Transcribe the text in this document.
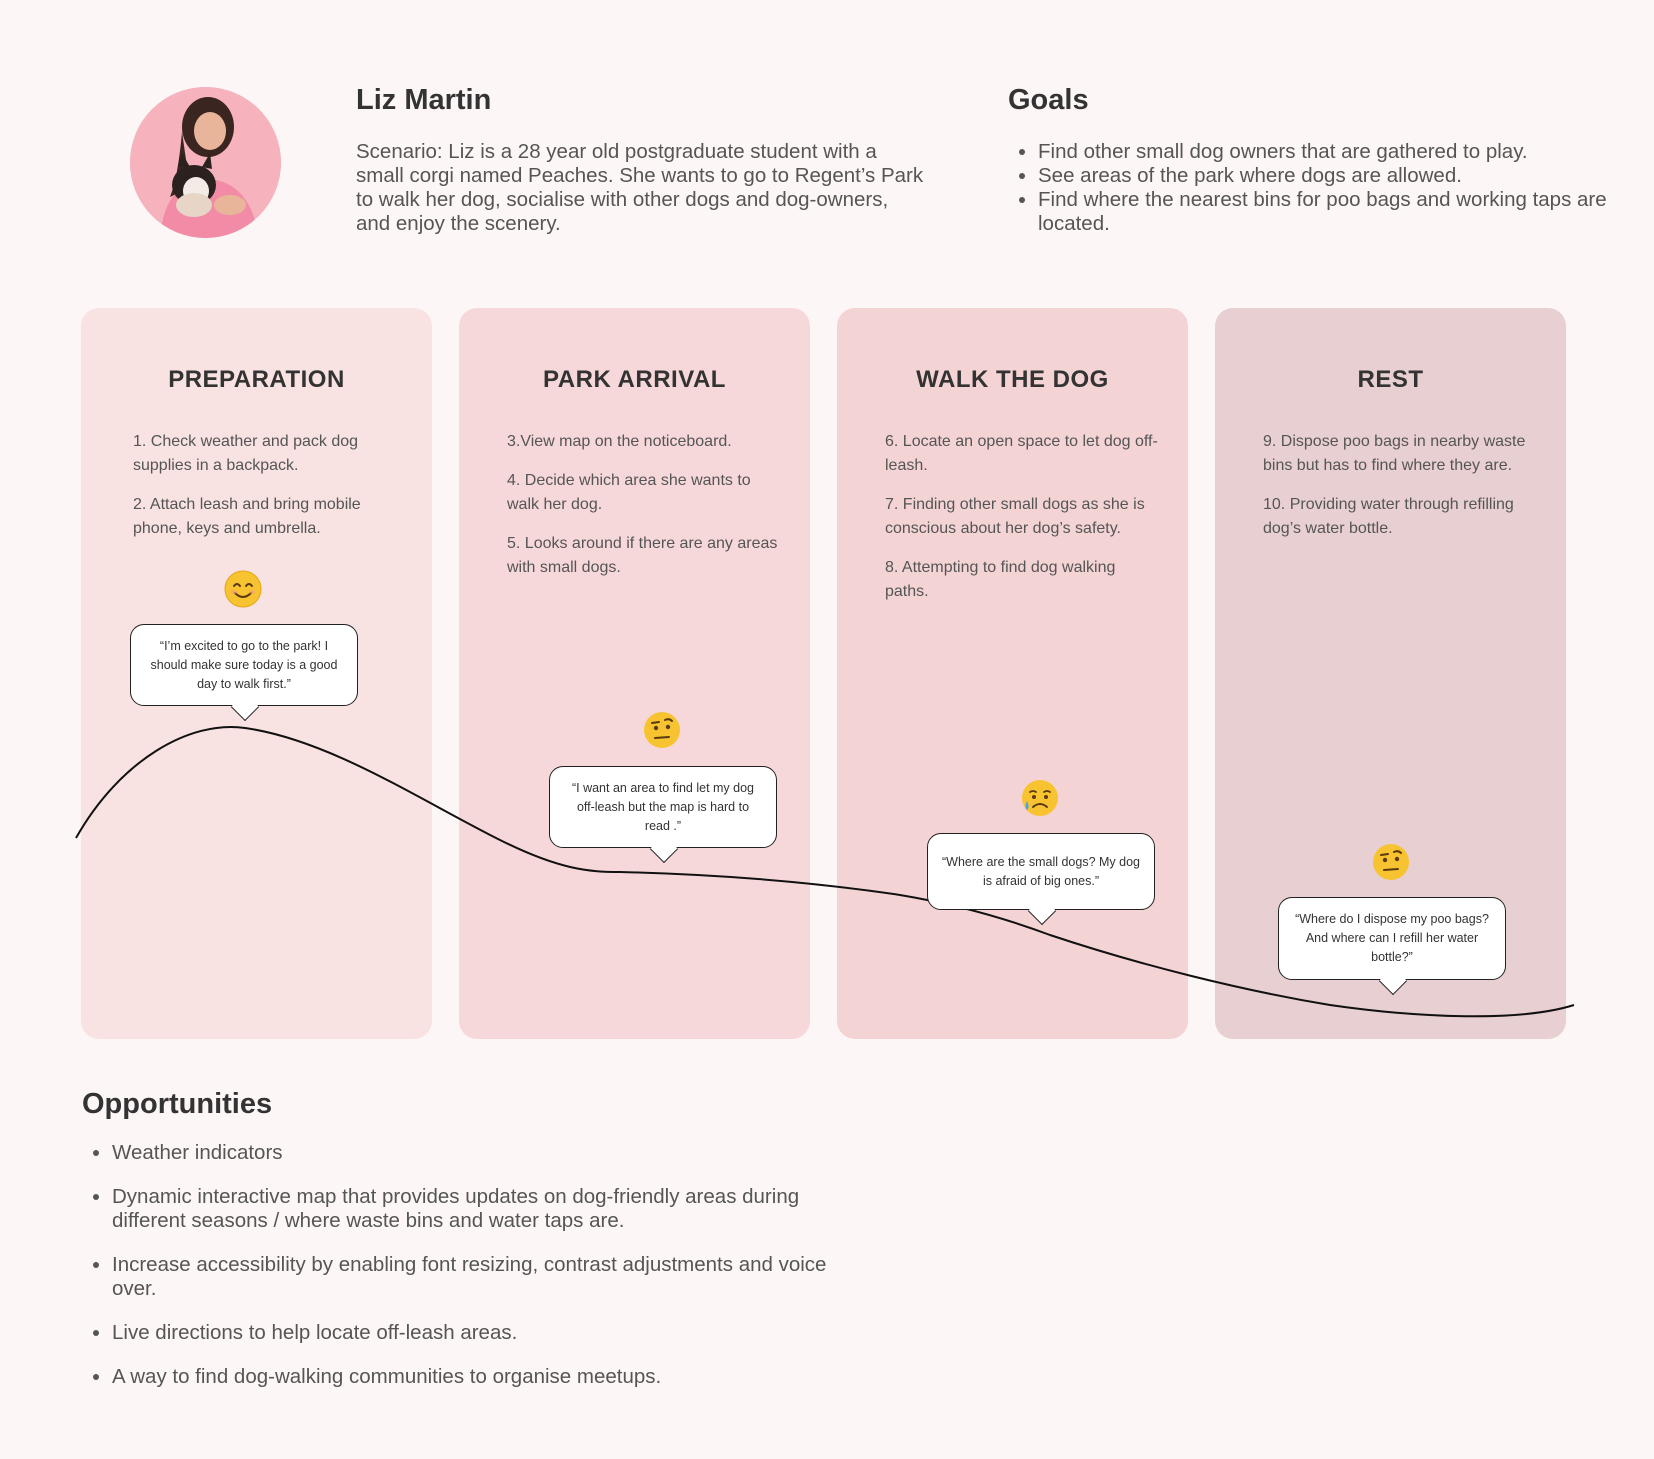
Liz Martin

Scenario: Liz is a 28 year old postgraduate student with a small corgi named Peaches. She wants to go to Regent’s Park to walk her dog, socialise with other dogs and dog-owners, and enjoy the scenery.

Goals
• Find other small dog owners that are gathered to play.
• See areas of the park where dogs are allowed.
• Find where the nearest bins for poo bags and working taps are located.
PREPARATION
1. Check weather and pack dog supplies in a backpack.
2. Attach leash and bring mobile phone, keys and umbrella.
PARK ARRIVAL
3.View map on the noticeboard.
4. Decide which area she wants to walk her dog.
5. Looks around if there are any areas with small dogs.
WALK THE DOG
6. Locate an open space to let dog off-leash.
7. Finding other small dogs as she is conscious about her dog’s safety.
8. Attempting to find dog walking paths.
REST
9. Dispose poo bags in nearby waste bins but has to find where they are.
10. Providing water through refilling dog’s water bottle.
“I’m excited to go to the park! I should make sure today is a good day to walk first.”
“I want an area to find let my dog off-leash but the map is hard to read .”
“Where are the small dogs? My dog is afraid of big ones.”
“Where do I dispose my poo bags? And where can I refill her water bottle?”
Opportunities
• Weather indicators
• Dynamic interactive map that provides updates on dog-friendly areas during different seasons / where waste bins and water taps are.
• Increase accessibility by enabling font resizing, contrast adjustments and voice over.
• Live directions to help locate off-leash areas.
• A way to find dog-walking communities to organise meetups.
